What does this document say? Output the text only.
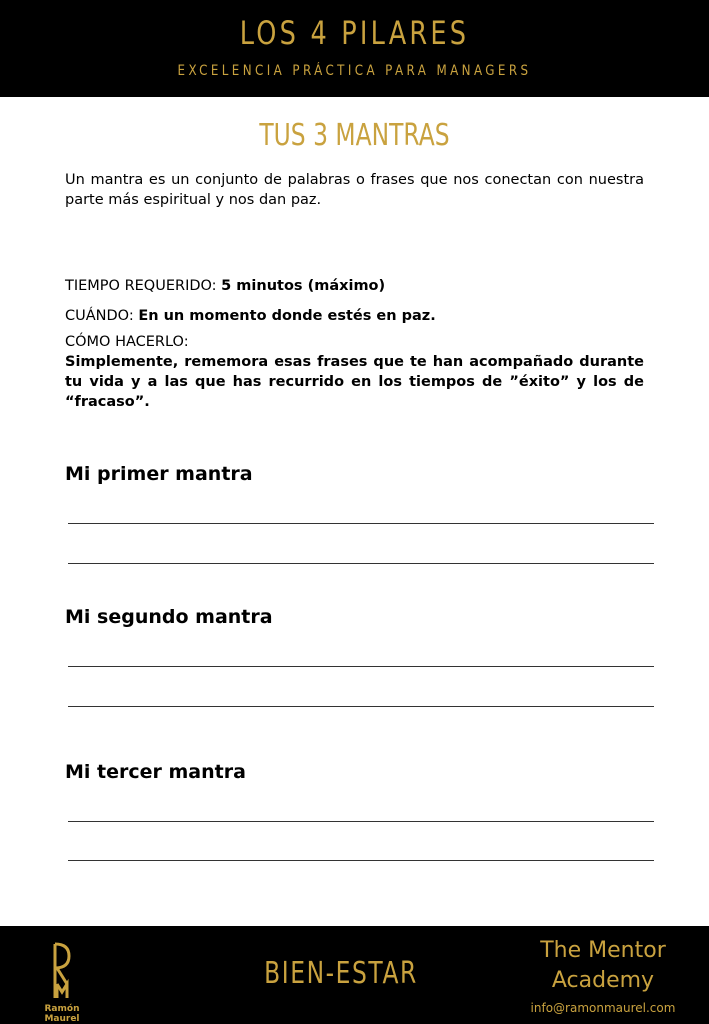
LOS 4 PILARES
EXCELENCIA PRÁCTICA PARA MANAGERS
TUS 3 MANTRAS
Un mantra es un conjunto de palabras o frases que nos conectan con nuestra parte más espiritual y nos dan paz.
TIEMPO REQUERIDO: 5 minutos (máximo)
CUÁNDO: En un momento donde estés en paz.
CÓMO HACERLO:
Simplemente, rememora esas frases que te han acompañado durante tu vida y a las que has recurrido en los tiempos de ”éxito” y los de “fracaso”.
Mi primer mantra
Mi segundo mantra
Mi tercer mantra
Ramón Maurel
BIEN-ESTAR
The Mentor
Academy
info@ramonmaurel.com
